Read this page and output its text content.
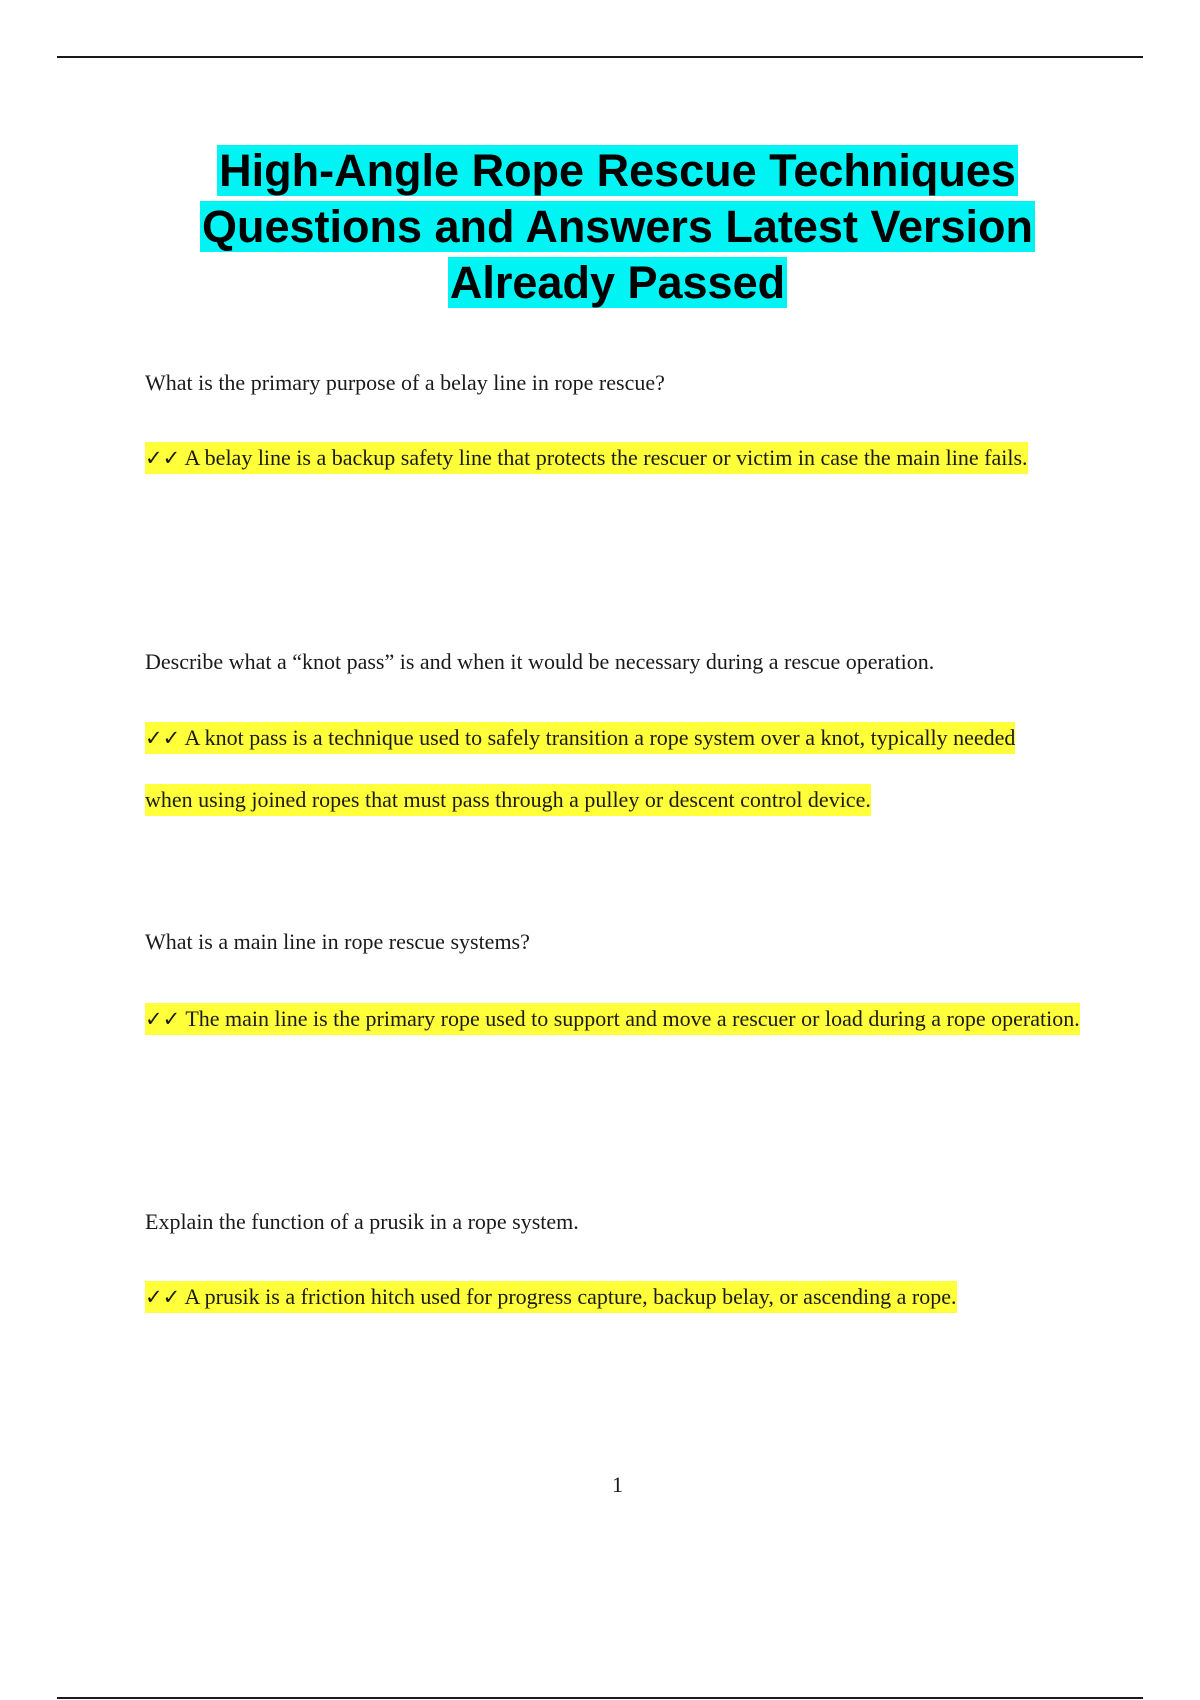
High-Angle Rope Rescue Techniques
Questions and Answers Latest Version
Already Passed

What is the primary purpose of a belay line in rope rescue?

✓✓ A belay line is a backup safety line that protects the rescuer or victim in case the main line fails.

Describe what a “knot pass” is and when it would be necessary during a rescue operation.

✓✓ A knot pass is a technique used to safely transition a rope system over a knot, typically needed when using joined ropes that must pass through a pulley or descent control device.

What is a main line in rope rescue systems?

✓✓ The main line is the primary rope used to support and move a rescuer or load during a rope operation.

Explain the function of a prusik in a rope system.

✓✓ A prusik is a friction hitch used for progress capture, backup belay, or ascending a rope.

1
